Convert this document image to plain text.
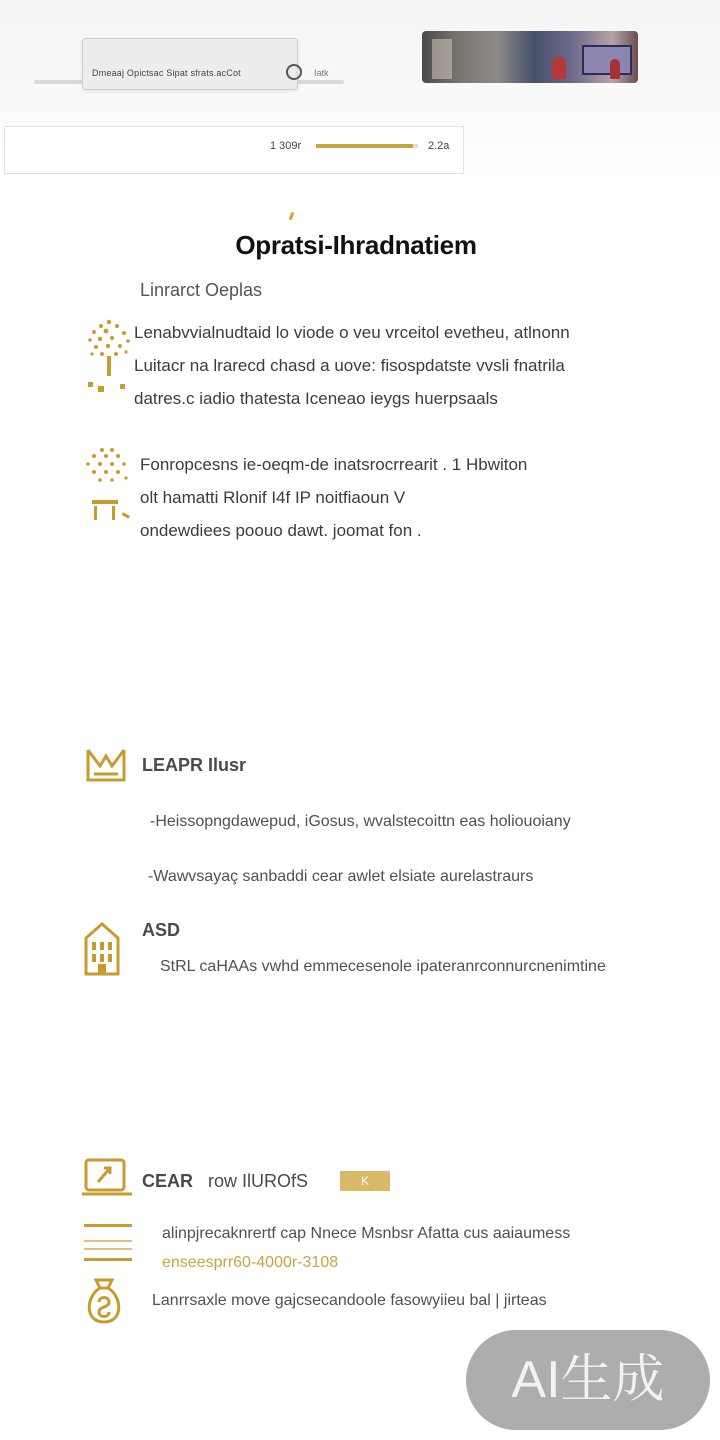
Dmeaaj Opictsac Sipat sfrats.acCot	Iatk
1 309r	2.2a
Opratsi-Ihradnatiem
Linrarct Oeplas
Lenabvvialnudtaid lo viode o veu vrceitol evetheu, atlnonn
Luitacr na lrarecd chasd a uove: fisospdatste vvsli fnatrila
datres.c iadio thatesta Iceneao ieygs huerpsaals
Fonropcesns ie-oeqm-de inatsrocrrearit . 1 Hbwiton
olt hamatti Rlonif I4f IP noitfiaoun V
ondewdiees poouo dawt. joomat fon .
LEAPR Ilusr
-Heissopngdawepud, iGosus, wvalstecoittn eas holiouoiany
-Wawvsayaç sanbaddi cear awlet elsiate aurelastraurs
ASD
StRL caHAAs vwhd emmecesenole ipateranrconnurcnenimtine
CEAR row IlUROfS	K
alinpjrecaknrertf cap Nnece Msnbsr Afatta cus aaiaumess
enseesprr60-4000r-3108
Lanrrsaxle move gajcsecandoole fasowyiieu bal | jirteas
AI生成
